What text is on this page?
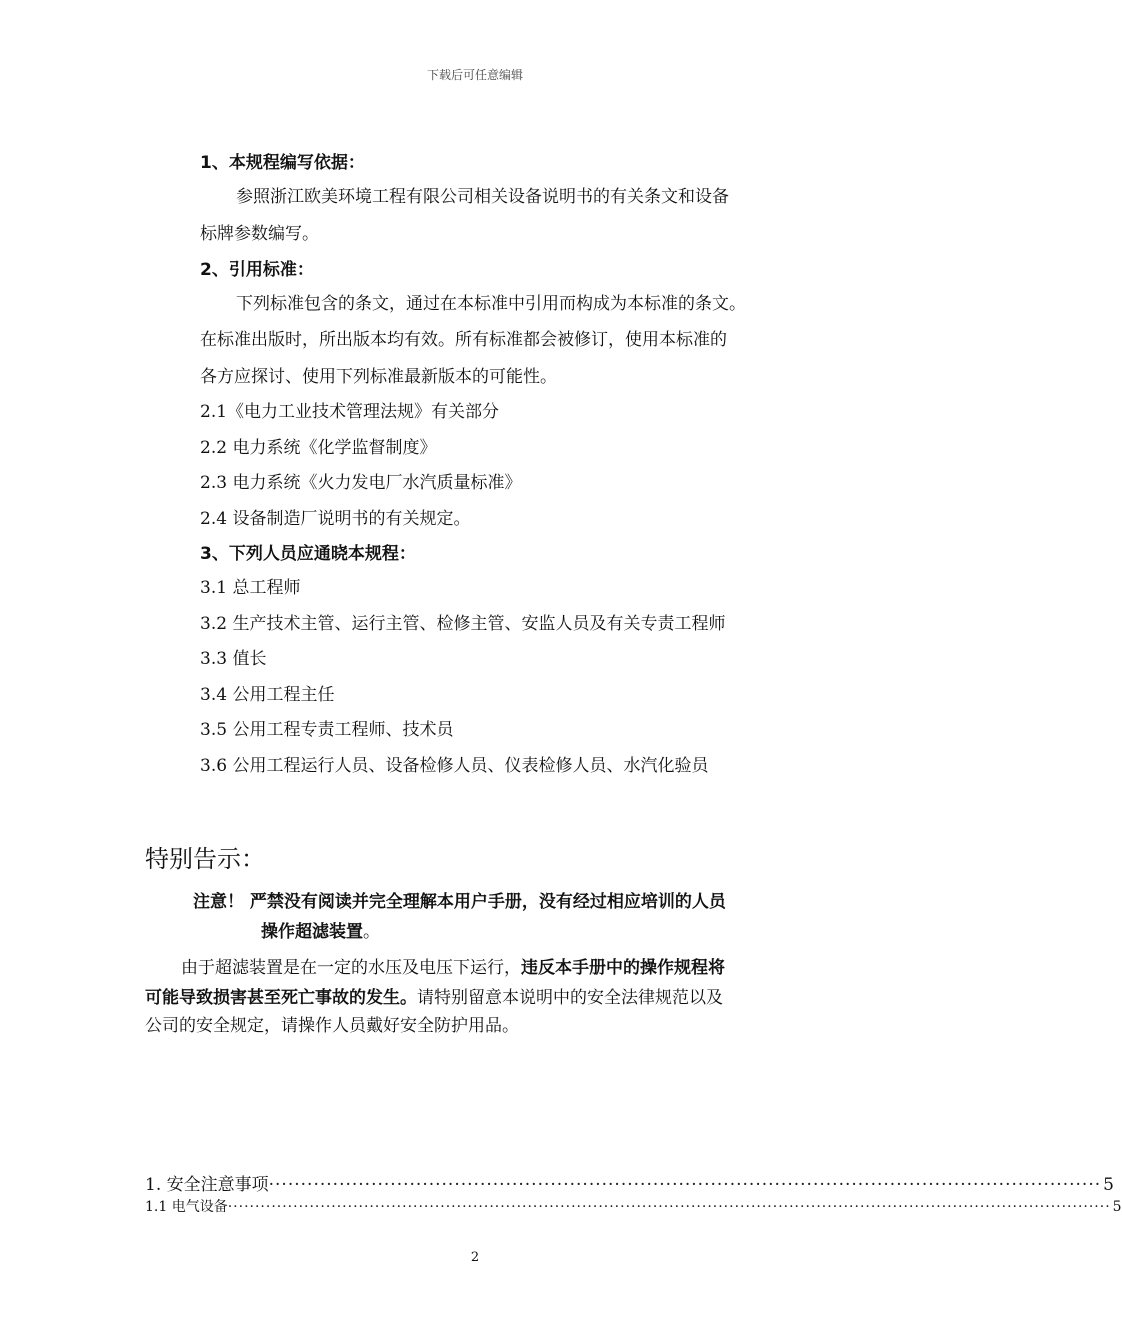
下载后可任意编辑
1、本规程编写依据：
参照浙江欧美环境工程有限公司相关设备说明书的有关条文和设备
标牌参数编写。
2、引用标准：
下列标准包含的条文，通过在本标准中引用而构成为本标准的条文。
在标准出版时，所出版本均有效。所有标准都会被修订，使用本标准的
各方应探讨、使用下列标准最新版本的可能性。
2.1《电力工业技术管理法规》有关部分
2.2 电力系统《化学监督制度》
2.3 电力系统《火力发电厂水汽质量标准》
2.4 设备制造厂说明书的有关规定。
3、下列人员应通晓本规程：
3.1 总工程师
3.2 生产技术主管、运行主管、检修主管、安监人员及有关专责工程师
3.3 值长
3.4 公用工程主任
3.5 公用工程专责工程师、技术员
3.6 公用工程运行人员、设备检修人员、仪表检修人员、水汽化验员
特别告示：
注意！ 严禁没有阅读并完全理解本用户手册，没有经过相应培训的人员
操作超滤装置。
由于超滤装置是在一定的水压及电压下运行，违反本手册中的操作规程将
可能导致损害甚至死亡事故的发生。请特别留意本说明中的安全法律规范以及
公司的安全规定，请操作人员戴好安全防护用品。
1. 安全注意事项 ·································································································································· 5
1.1 电气设备 ·································································································································································· 5
2
